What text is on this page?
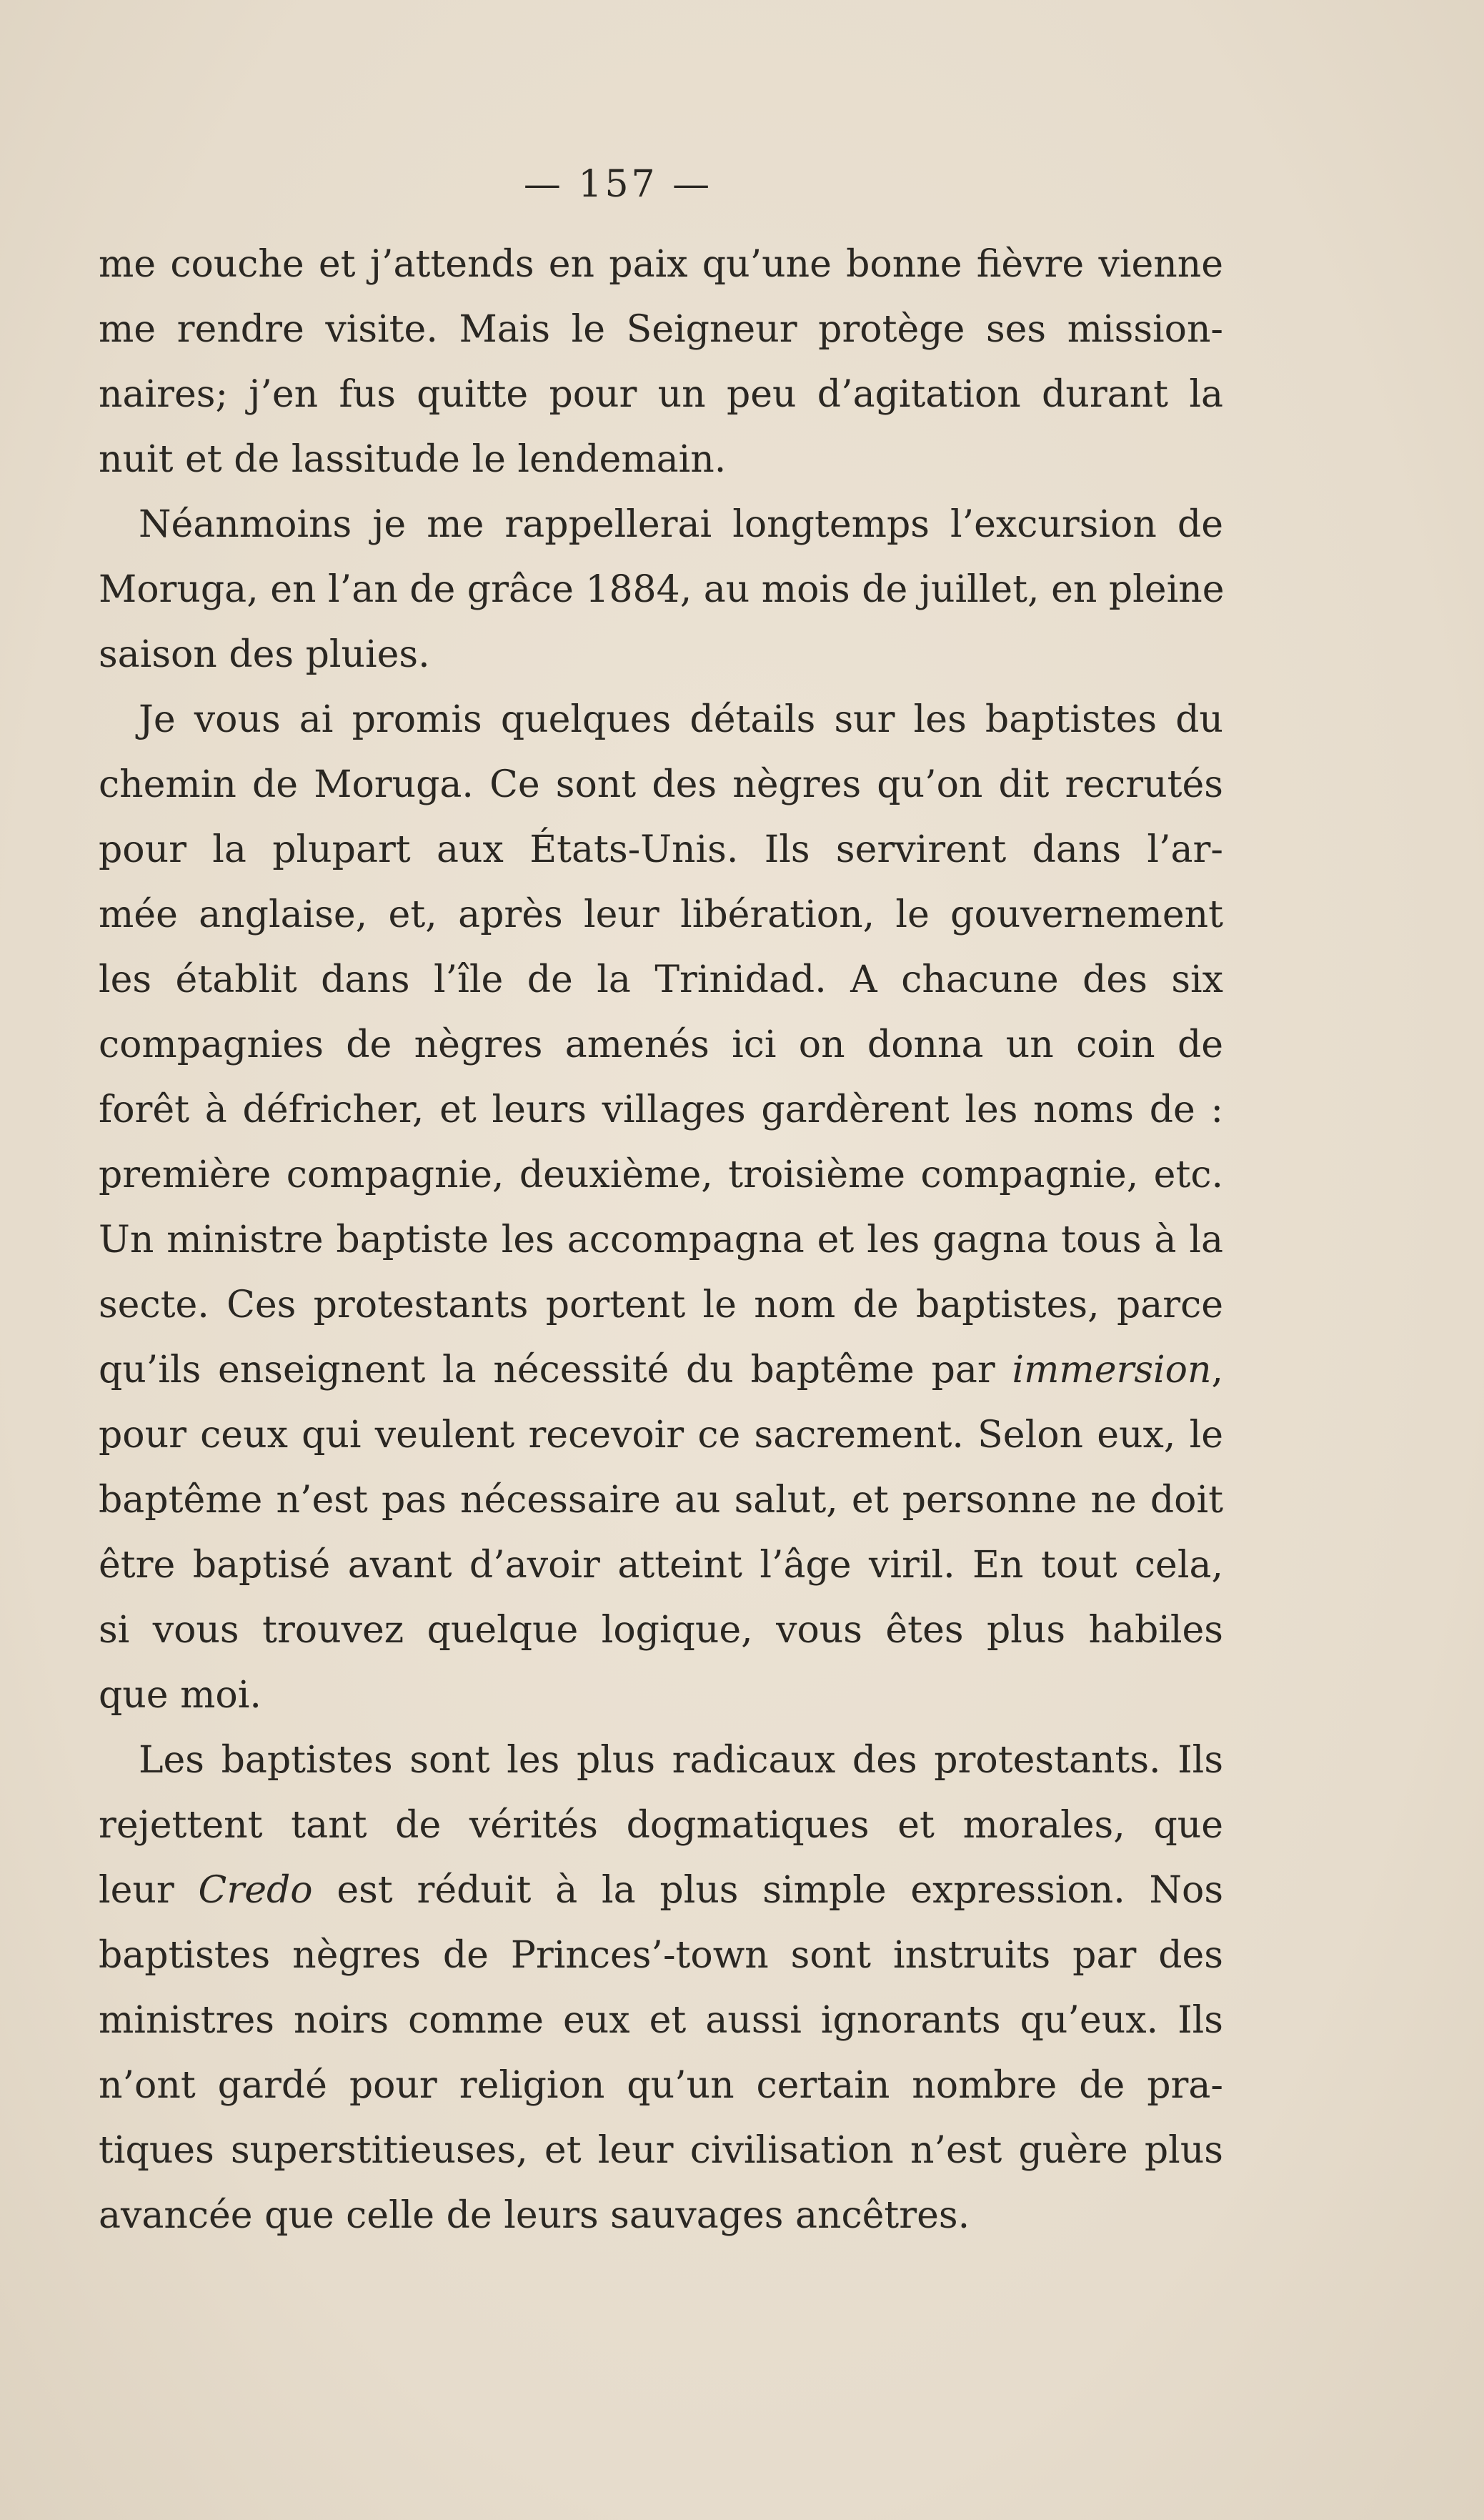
— 157 —
me couche et j’attends en paix qu’une bonne fièvre vienne
me rendre visite. Mais le Seigneur protège ses mission-
naires; j’en fus quitte pour un peu d’agitation durant la
nuit et de lassitude le lendemain.
Néanmoins je me rappellerai longtemps l’excursion de
Moruga, en l’an de grâce 1884, au mois de juillet, en pleine
saison des pluies.
Je vous ai promis quelques détails sur les baptistes du
chemin de Moruga. Ce sont des nègres qu’on dit recrutés
pour la plupart aux États-Unis. Ils servirent dans l’ar-
mée anglaise, et, après leur libération, le gouvernement
les établit dans l’île de la Trinidad. A chacune des six
compagnies de nègres amenés ici on donna un coin de
forêt à défricher, et leurs villages gardèrent les noms de :
première compagnie, deuxième, troisième compagnie, etc.
Un ministre baptiste les accompagna et les gagna tous à la
secte. Ces protestants portent le nom de baptistes, parce
qu’ils enseignent la nécessité du baptême par immersion,
pour ceux qui veulent recevoir ce sacrement. Selon eux, le
baptême n’est pas nécessaire au salut, et personne ne doit
être baptisé avant d’avoir atteint l’âge viril. En tout cela,
si vous trouvez quelque logique, vous êtes plus habiles
que moi.
Les baptistes sont les plus radicaux des protestants. Ils
rejettent tant de vérités dogmatiques et morales, que
leur Credo est réduit à la plus simple expression. Nos
baptistes nègres de Princes’-town sont instruits par des
ministres noirs comme eux et aussi ignorants qu’eux. Ils
n’ont gardé pour religion qu’un certain nombre de pra-
tiques superstitieuses, et leur civilisation n’est guère plus
avancée que celle de leurs sauvages ancêtres.
